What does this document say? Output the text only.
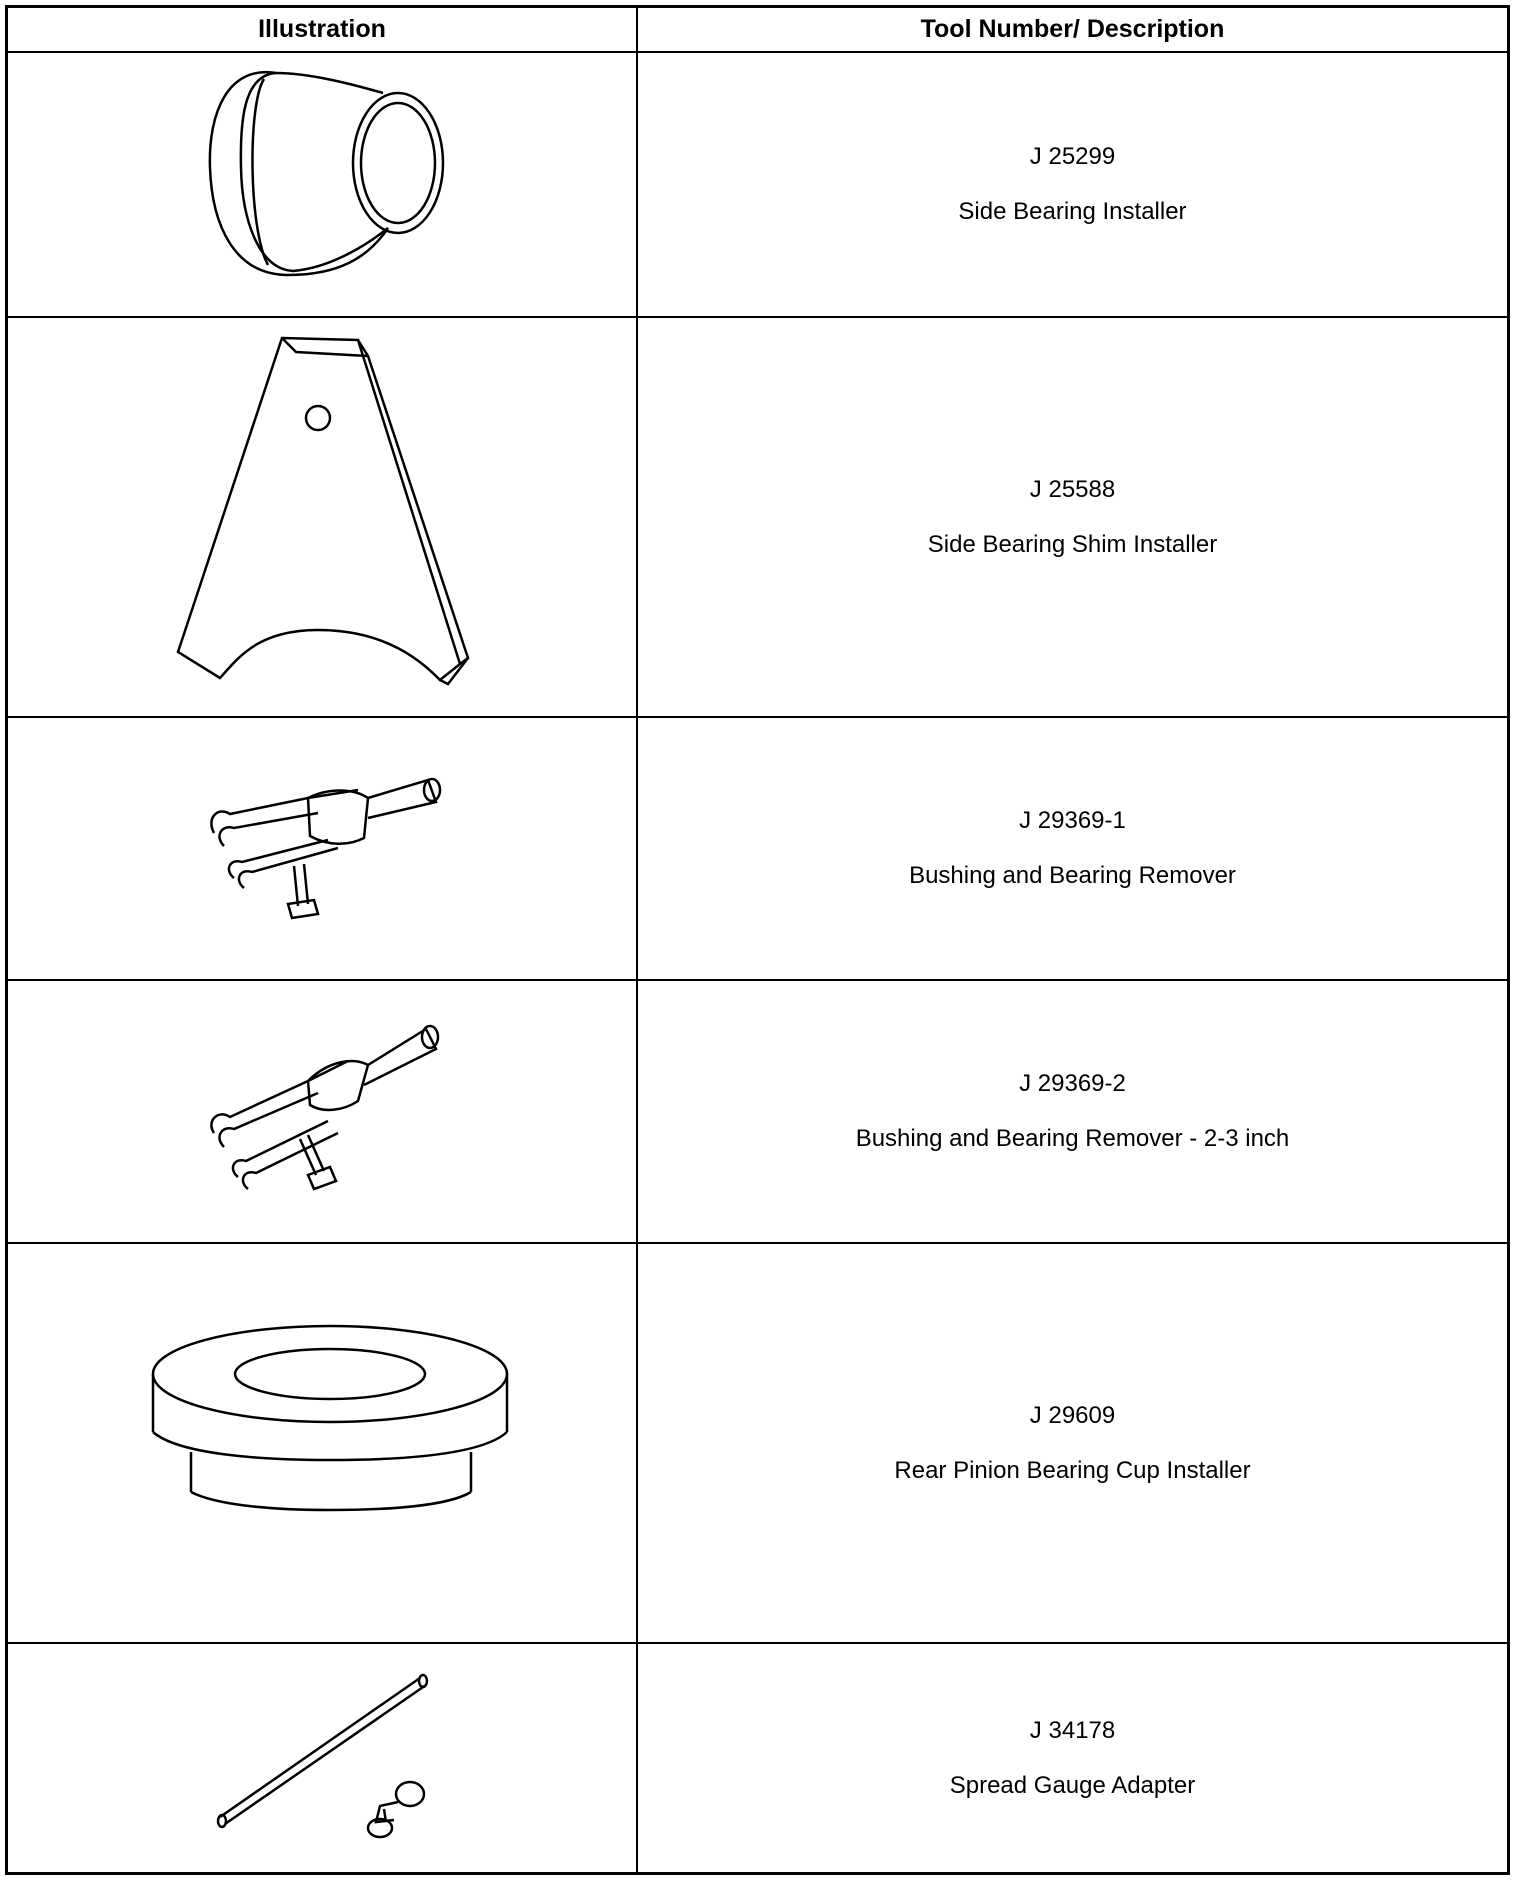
Illustration	Tool Number/ Description
J 25299
Side Bearing Installer
J 25588
Side Bearing Shim Installer
J 29369-1
Bushing and Bearing Remover
J 29369-2
Bushing and Bearing Remover - 2-3 inch
J 29609
Rear Pinion Bearing Cup Installer
J 34178
Spread Gauge Adapter
